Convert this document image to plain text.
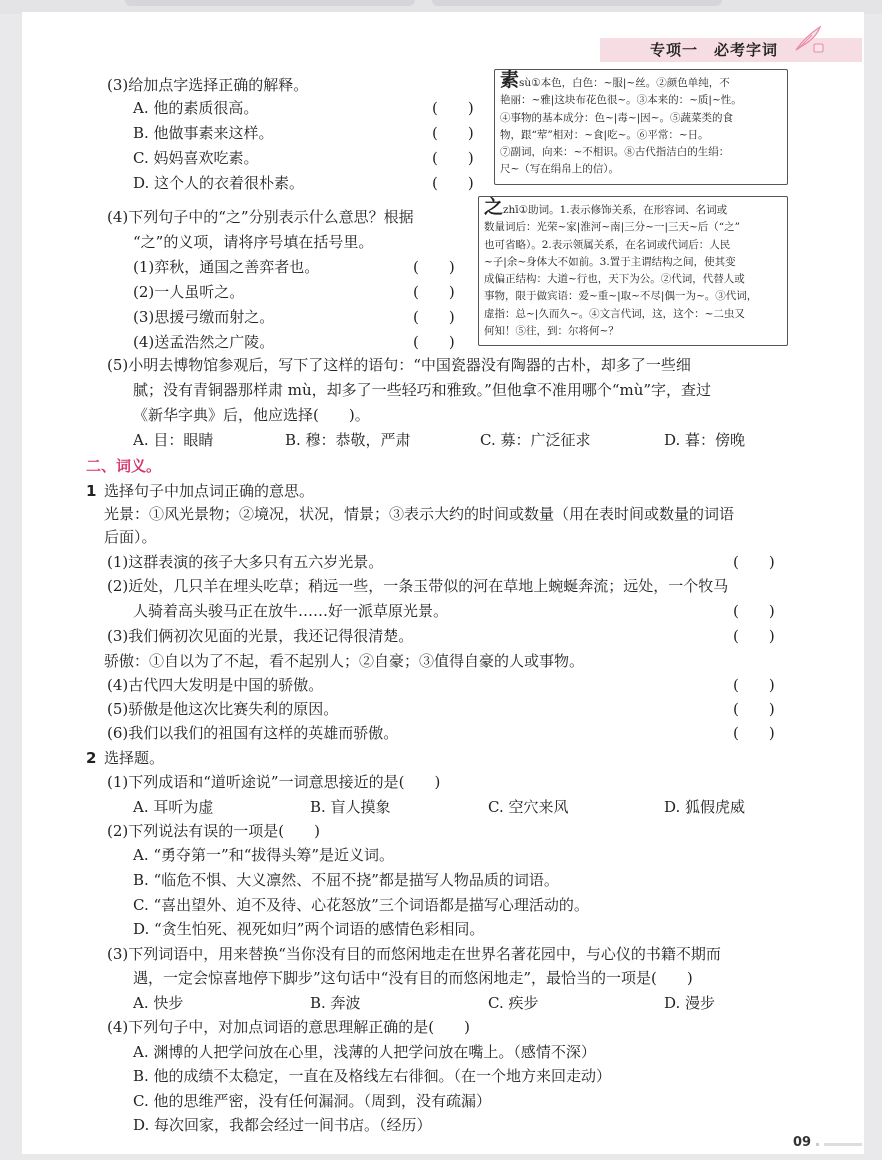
专项一　必考字词
(3)给加点字选择正确的解释。
A. 他的素质很高。	(　　)
B. 他做事素来这样。	(　　)
C. 妈妈喜欢吃素。	(　　)
D. 这个人的衣着很朴素。	(　　)
素sù①本色，白色：~服|~丝。②颜色单纯，不
艳丽：~雅|这块布花色很~。③本来的：~质|~性。
④事物的基本成分：色~|毒~|因~。⑤蔬菜类的食
物，跟“荤”相对：~食|吃~。⑥平常：~日。
⑦副词，向来：~不相识。⑧古代指洁白的生绢：
尺~（写在绢帛上的信）。
(4)下列句子中的“之”分别表示什么意思？根据
“之”的义项，请将序号填在括号里。
(1)弈秋，通国之善弈者也。	(　　)
(2)一人虽听之。	(　　)
(3)思援弓缴而射之。	(　　)
(4)送孟浩然之广陵。	(　　)
之zhī①助词。1.表示修饰关系，在形容词、名词或
数量词后：光荣~家|淮河~南|三分~一|三天~后（“之”
也可省略）。2.表示领属关系，在名词或代词后：人民
~子|余~身体大不如前。3.置于主谓结构之间，使其变
成偏正结构：大道~行也，天下为公。②代词，代替人或
事物，限于做宾语：爱~重~|取~不尽|偶一为~。③代词，
虚指：总~|久而久~。④文言代词，这，这个：~二虫又
何知！⑤往，到：尔将何~？
(5)小明去博物馆参观后，写下了这样的语句：“中国瓷器没有陶器的古朴，却多了一些细
腻；没有青铜器那样肃 mù，却多了一些轻巧和雅致。”但他拿不准用哪个“mù”字，查过
《新华字典》后，他应选择(　　)。
A. 目：眼睛	B. 穆：恭敬，严肃	C. 募：广泛征求	D. 暮：傍晚
二、词义。
1 选择句子中加点词正确的意思。
光景：①风光景物；②境况，状况，情景；③表示大约的时间或数量（用在表时间或数量的词语
后面）。
(1)这群表演的孩子大多只有五六岁光景。	(　　)
(2)近处，几只羊在埋头吃草；稍远一些，一条玉带似的河在草地上蜿蜒奔流；远处，一个牧马
人骑着高头骏马正在放牛……好一派草原光景。	(　　)
(3)我们俩初次见面的光景，我还记得很清楚。	(　　)
骄傲：①自以为了不起，看不起别人；②自豪；③值得自豪的人或事物。
(4)古代四大发明是中国的骄傲。	(　　)
(5)骄傲是他这次比赛失利的原因。	(　　)
(6)我们以我们的祖国有这样的英雄而骄傲。	(　　)
2 选择题。
(1)下列成语和“道听途说”一词意思接近的是(　　)
A. 耳听为虚	B. 盲人摸象	C. 空穴来风	D. 狐假虎威
(2)下列说法有误的一项是(　　)
A. “勇夺第一”和“拔得头筹”是近义词。
B. “临危不惧、大义凛然、不屈不挠”都是描写人物品质的词语。
C. “喜出望外、迫不及待、心花怒放”三个词语都是描写心理活动的。
D. “贪生怕死、视死如归”两个词语的感情色彩相同。
(3)下列词语中，用来替换“当你没有目的而悠闲地走在世界名著花园中，与心仪的书籍不期而
遇，一定会惊喜地停下脚步”这句话中“没有目的而悠闲地走”，最恰当的一项是(　　)
A. 快步	B. 奔波	C. 疾步	D. 漫步
(4)下列句子中，对加点词语的意思理解正确的是(　　)
A. 渊博的人把学问放在心里，浅薄的人把学问放在嘴上。（感情不深）
B. 他的成绩不太稳定，一直在及格线左右徘徊。（在一个地方来回走动）
C. 他的思维严密，没有任何漏洞。（周到，没有疏漏）
D. 每次回家，我都会经过一间书店。（经历）
09
